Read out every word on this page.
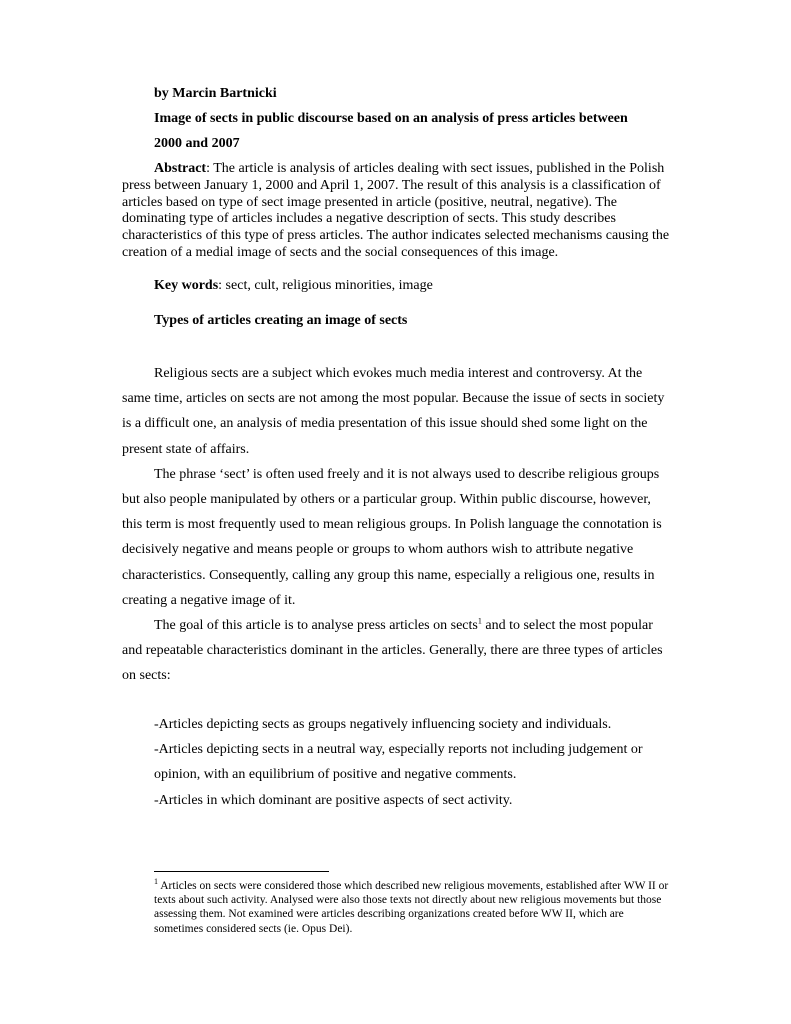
by Marcin Bartnicki
Image of sects in public discourse based on an analysis of press articles between
2000 and 2007
Abstract: The article is analysis of articles dealing with sect issues, published in the Polish press between January 1, 2000 and April 1, 2007. The result of this analysis is a classification of articles based on type of sect image presented in article (positive, neutral, negative). The dominating type of articles includes a negative description of sects. This study describes characteristics of this type of press articles. The author indicates selected mechanisms causing the creation of a medial image of sects and the social consequences of this image.
Key words: sect, cult, religious minorities, image
Types of articles creating an image of sects

Religious sects are a subject which evokes much media interest and controversy. At the same time, articles on sects are not among the most popular. Because the issue of sects in society is a difficult one, an analysis of media presentation of this issue should shed some light on the present state of affairs.

The phrase ‘sect’ is often used freely and it is not always used to describe religious groups but also people manipulated by others or a particular group. Within public discourse, however, this term is most frequently used to mean religious groups. In Polish language the connotation is decisively negative and means people or groups to whom authors wish to attribute negative characteristics. Consequently, calling any group this name, especially a religious one, results in creating a negative image of it.

The goal of this article is to analyse press articles on sects$^1$ and to select the most popular and repeatable characteristics dominant in the articles. Generally, there are three types of articles on sects:

-Articles depicting sects as groups negatively influencing society and individuals.

-Articles depicting sects in a neutral way, especially reports not including judgement or opinion, with an equilibrium of positive and negative comments.

-Articles in which dominant are positive aspects of sect activity.

$^1$ Articles on sects were considered those which described new religious movements, established after WW II or texts about such activity. Analysed were also those texts not directly about new religious movements but those assessing them. Not examined were articles describing organizations created before WW II, which are sometimes considered sects (ie. Opus Dei).
